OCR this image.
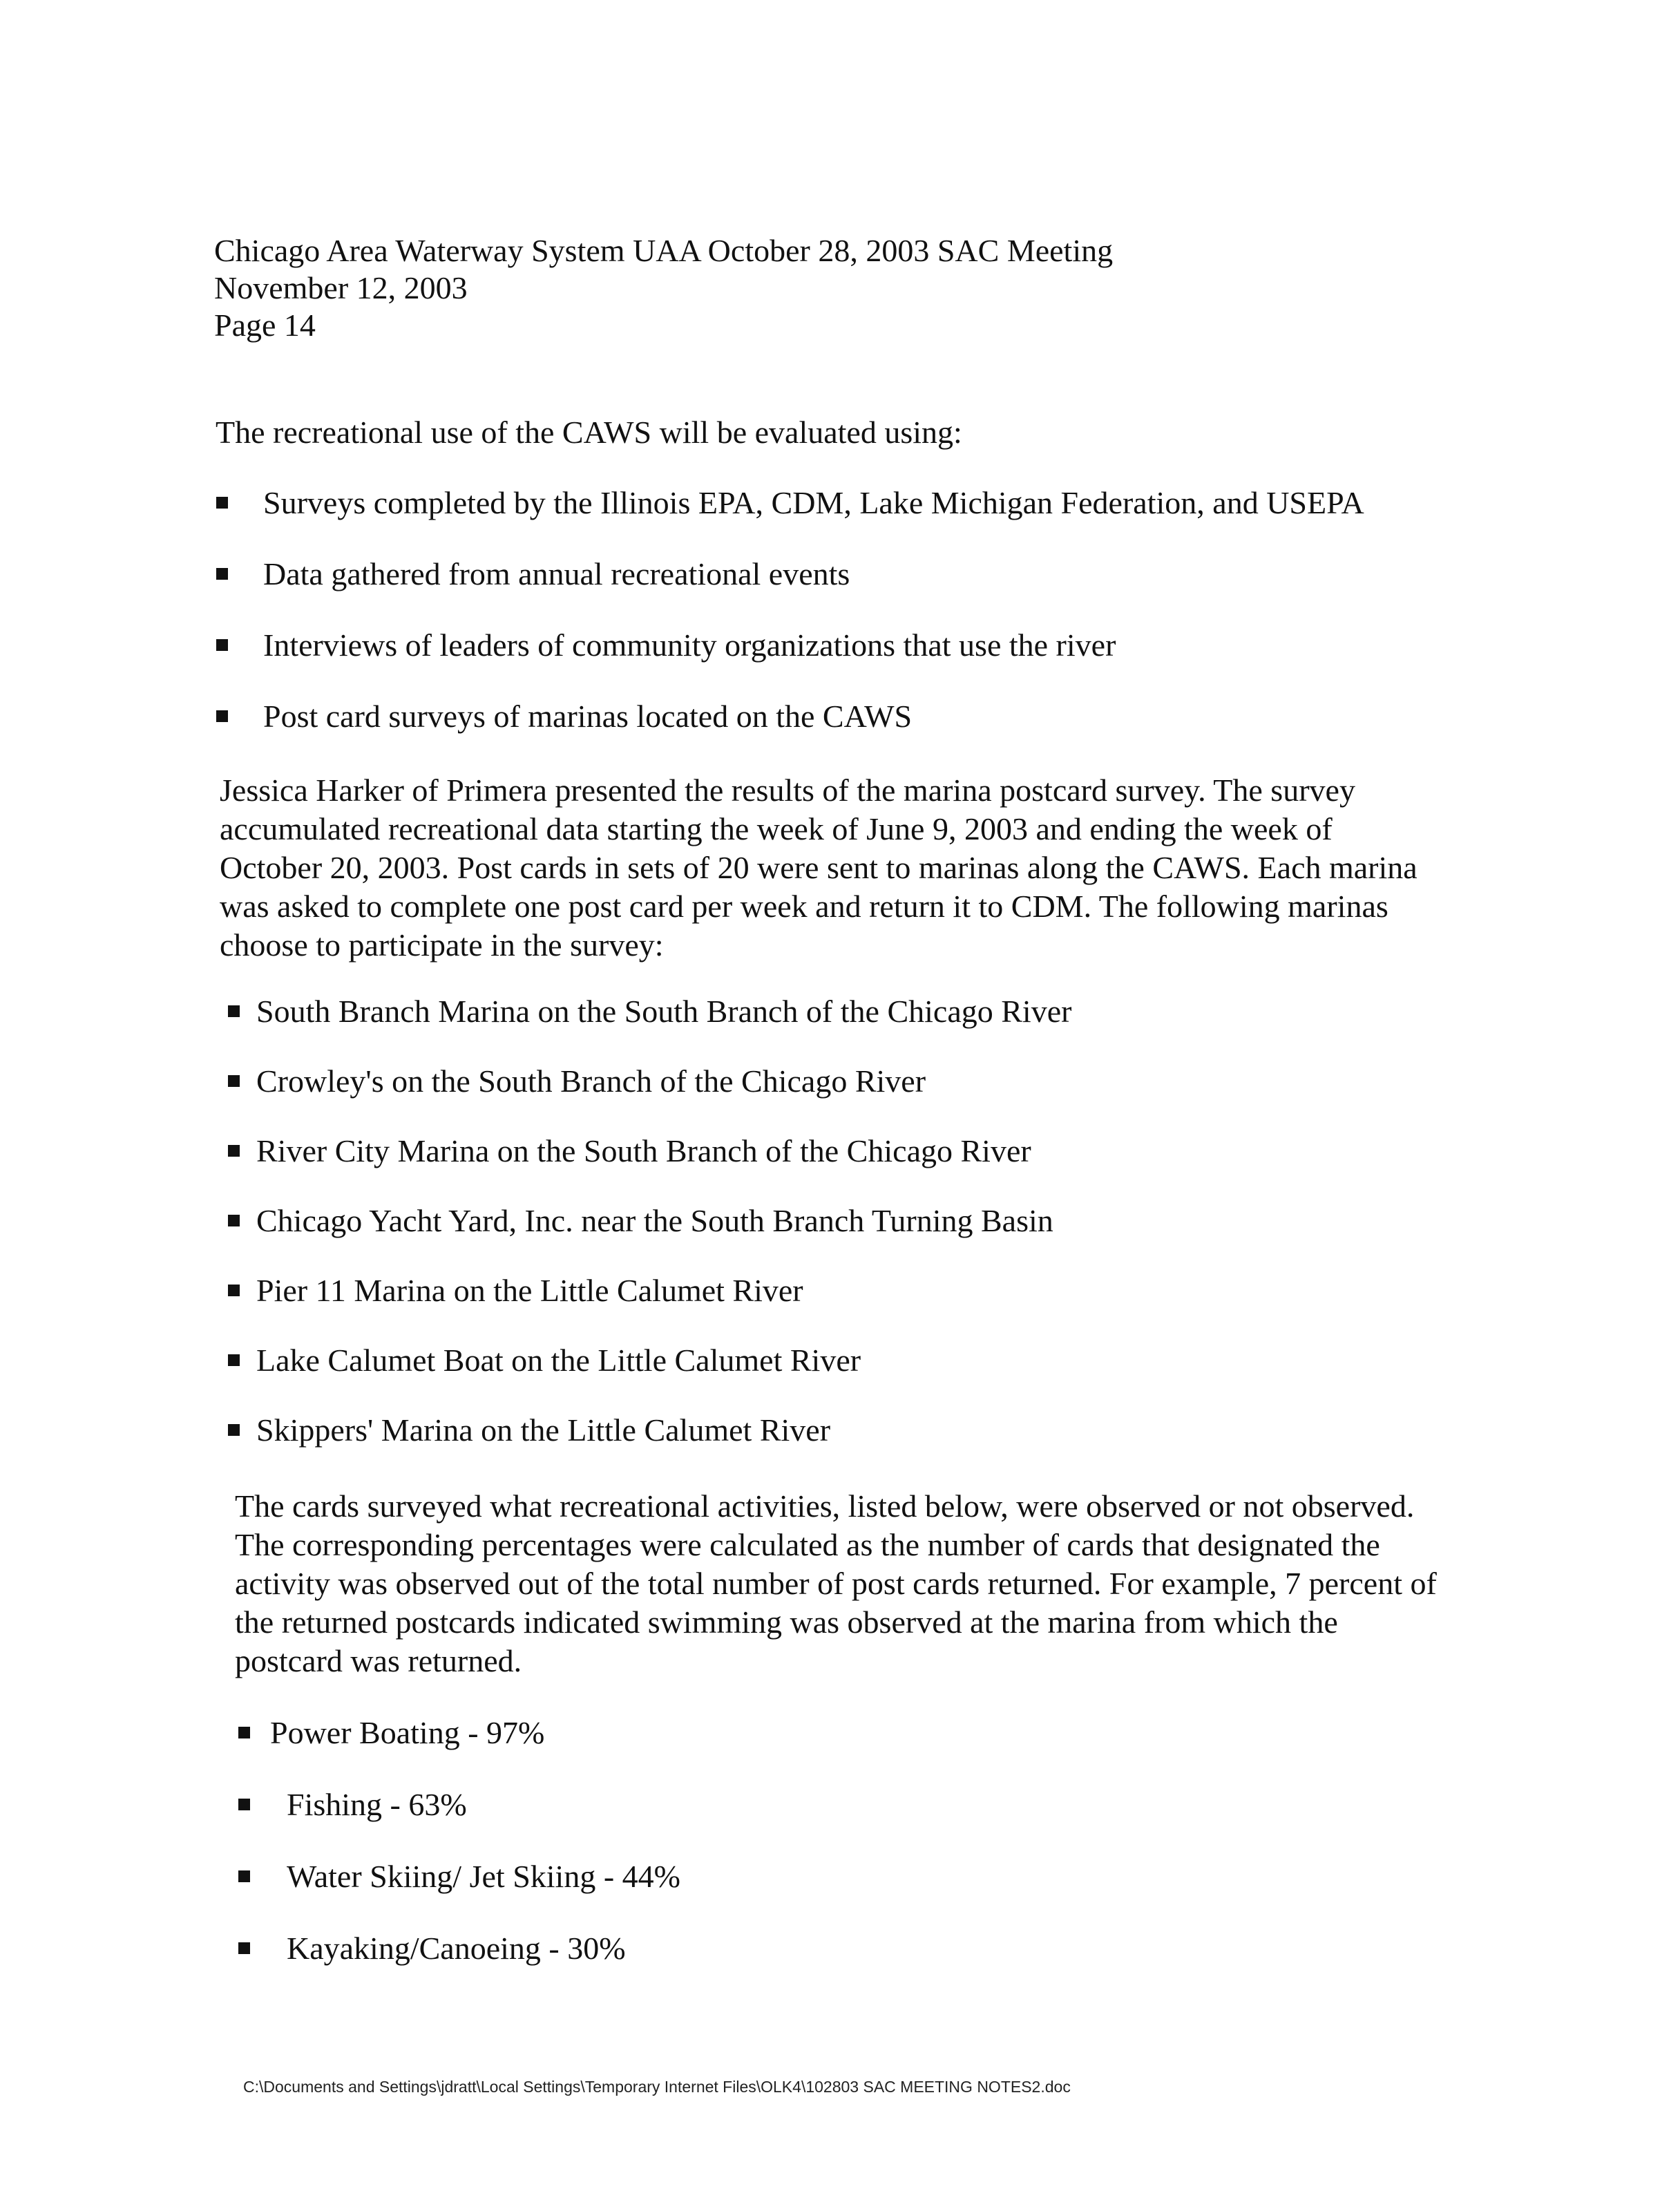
Chicago Area Waterway System UAA October 28, 2003 SAC Meeting
November 12, 2003
Page 14
The recreational use of the CAWS will be evaluated using:
Surveys completed by the Illinois EPA, CDM, Lake Michigan Federation, and USEPA
Data gathered from annual recreational events
Interviews of leaders of community organizations that use the river
Post card surveys of marinas located on the CAWS
Jessica Harker of Primera presented the results of the marina postcard survey. The survey accumulated recreational data starting the week of June 9, 2003 and ending the week of October 20, 2003. Post cards in sets of 20 were sent to marinas along the CAWS. Each marina was asked to complete one post card per week and return it to CDM. The following marinas choose to participate in the survey:
South Branch Marina on the South Branch of the Chicago River
Crowley's on the South Branch of the Chicago River
River City Marina on the South Branch of the Chicago River
Chicago Yacht Yard, Inc. near the South Branch Turning Basin
Pier 11 Marina on the Little Calumet River
Lake Calumet Boat on the Little Calumet River
Skippers' Marina on the Little Calumet River
The cards surveyed what recreational activities, listed below, were observed or not observed. The corresponding percentages were calculated as the number of cards that designated the activity was observed out of the total number of post cards returned. For example, 7 percent of the returned postcards indicated swimming was observed at the marina from which the postcard was returned.
Power Boating - 97%
Fishing - 63%
Water Skiing/ Jet Skiing - 44%
Kayaking/Canoeing - 30%
C:\Documents and Settings\jdratt\Local Settings\Temporary Internet Files\OLK4\102803 SAC MEETING NOTES2.doc
